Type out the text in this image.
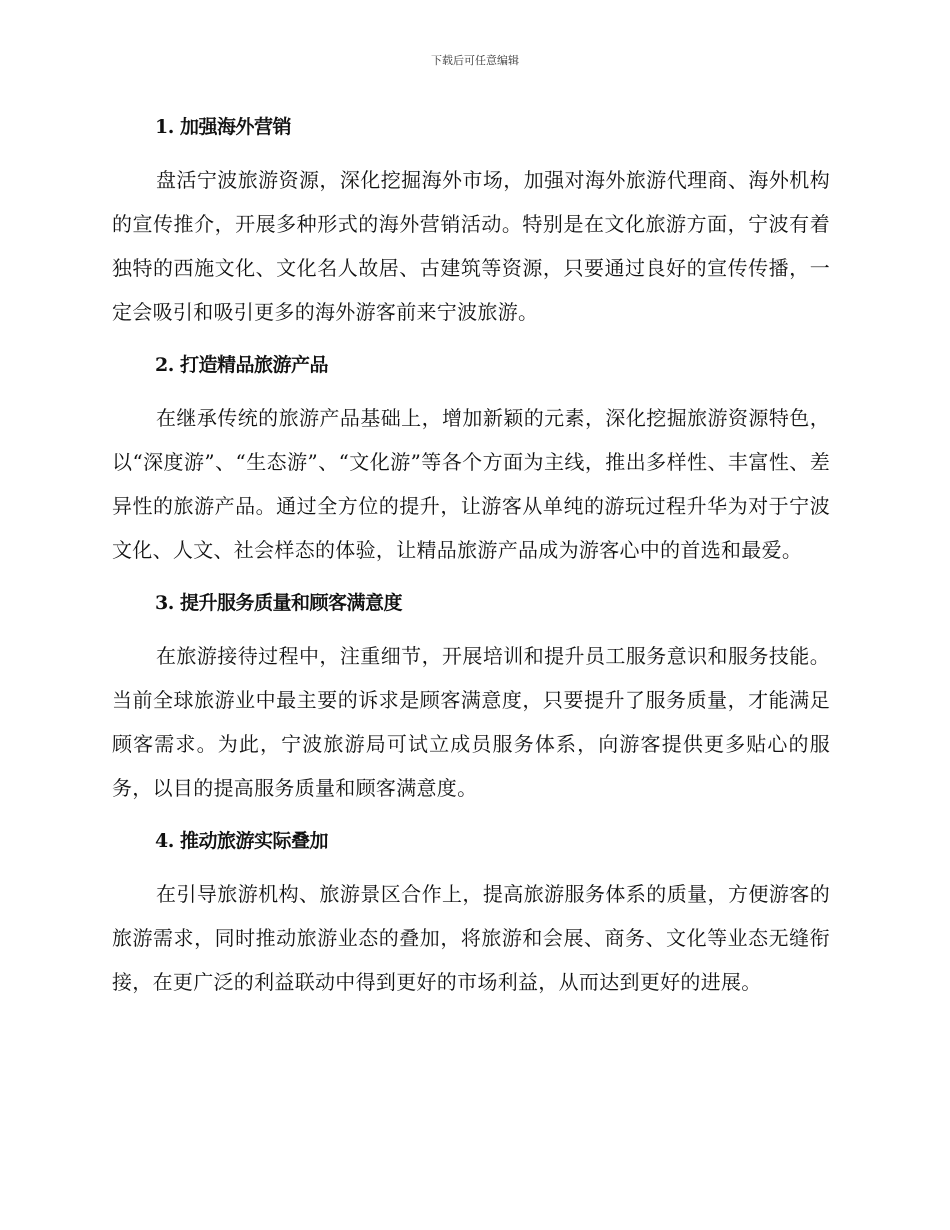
下载后可任意编辑
1. 加强海外营销

盘活宁波旅游资源，深化挖掘海外市场，加强对海外旅游代理商、海外机构的宣传推介，开展多种形式的海外营销活动。特别是在文化旅游方面，宁波有着独特的西施文化、文化名人故居、古建筑等资源，只要通过良好的宣传传播，一定会吸引和吸引更多的海外游客前来宁波旅游。

2. 打造精品旅游产品

在继承传统的旅游产品基础上，增加新颖的元素，深化挖掘旅游资源特色，以“深度游”、“生态游”、“文化游”等各个方面为主线，推出多样性、丰富性、差异性的旅游产品。通过全方位的提升，让游客从单纯的游玩过程升华为对于宁波文化、人文、社会样态的体验，让精品旅游产品成为游客心中的首选和最爱。

3. 提升服务质量和顾客满意度

在旅游接待过程中，注重细节，开展培训和提升员工服务意识和服务技能。当前全球旅游业中最主要的诉求是顾客满意度，只要提升了服务质量，才能满足顾客需求。为此，宁波旅游局可试立成员服务体系，向游客提供更多贴心的服务，以目的提高服务质量和顾客满意度。

4. 推动旅游实际叠加

在引导旅游机构、旅游景区合作上，提高旅游服务体系的质量，方便游客的旅游需求，同时推动旅游业态的叠加，将旅游和会展、商务、文化等业态无缝衔接，在更广泛的利益联动中得到更好的市场利益，从而达到更好的进展。
